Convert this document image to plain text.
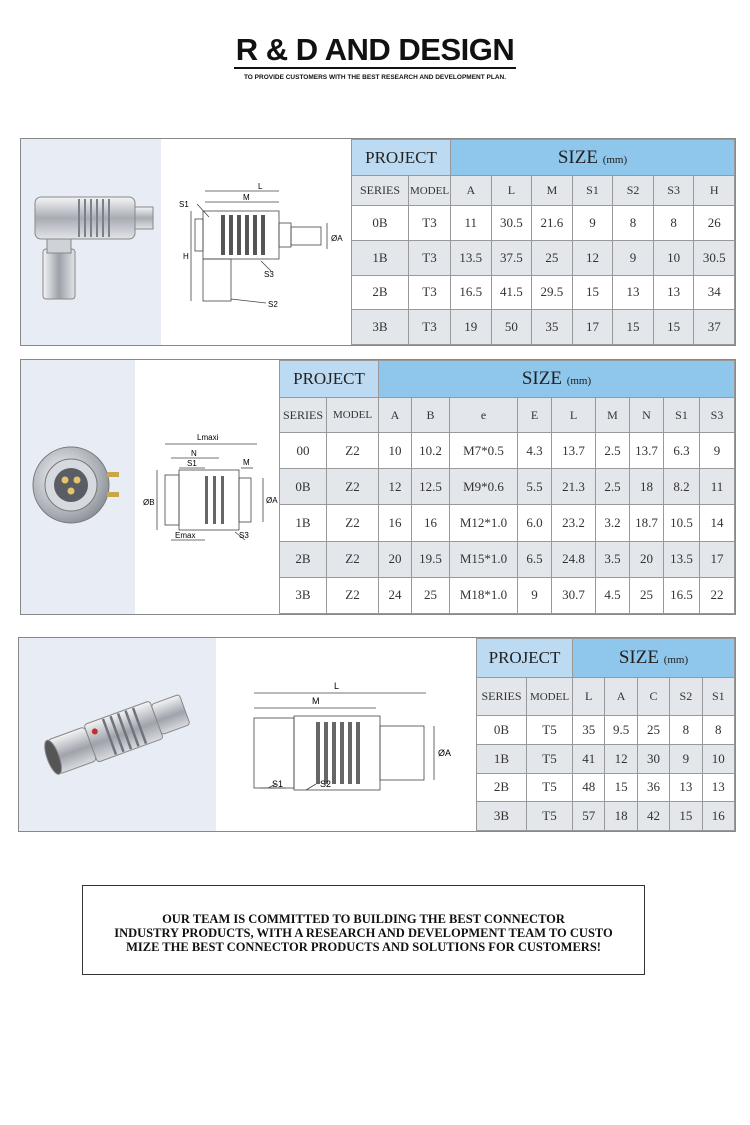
R & D AND DESIGN
TO PROVIDE CUSTOMERS WITH THE BEST RESEARCH AND DEVELOPMENT PLAN.
L
M
S1
H
ØA
S3
S2
PROJECT		SIZE (mm)						
SERIES	MODEL	A	L	M	S1	S2	S3	H
0B	T3	11	30.5	21.6	9	8	8	26
1B	T3	13.5	37.5	25	12	9	10	30.5
2B	T3	16.5	41.5	29.5	15	13	13	34
3B	T3	19	50	35	17	15	15	37
Lmaxi
N
S1	M
ØB	ØA
Emax	S3
PROJECT		SIZE (mm)								
SERIES	MODEL	A	B	e	E	L	M	N	S1	S3
00	Z2	10	10.2	M7*0.5	4.3	13.7	2.5	13.7	6.3	9
0B	Z2	12	12.5	M9*0.6	5.5	21.3	2.5	18	8.2	11
1B	Z2	16	16	M12*1.0	6.0	23.2	3.2	18.7	10.5	14
2B	Z2	20	19.5	M15*1.0	6.5	24.8	3.5	20	13.5	17
3B	Z2	24	25	M18*1.0	9	30.7	4.5	25	16.5	22
L
M
ØA
S1	S2
PROJECT		SIZE (mm)				
SERIES	MODEL	L	A	C	S2	S1
0B	T5	35	9.5	25	8	8
1B	T5	41	12	30	9	10
2B	T5	48	15	36	13	13
3B	T5	57	18	42	15	16
OUR TEAM IS COMMITTED TO BUILDING THE BEST CONNECTOR
INDUSTRY PRODUCTS, WITH A RESEARCH AND DEVELOPMENT TEAM TO CUSTO
MIZE THE BEST CONNECTOR PRODUCTS AND SOLUTIONS FOR CUSTOMERS!
